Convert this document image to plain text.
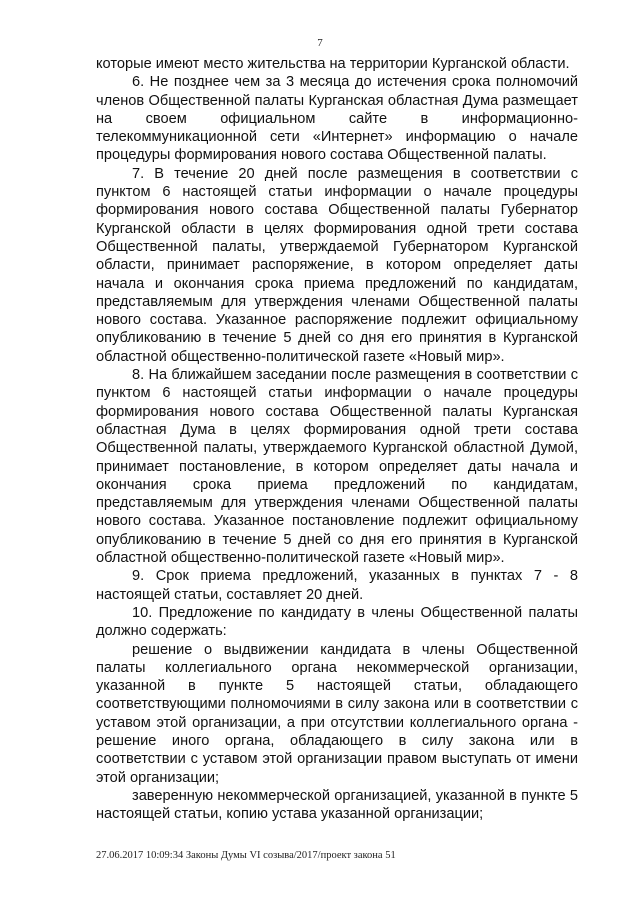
7

которые имеют место жительства на территории Курганской области.

6. Не позднее чем за 3 месяца до истечения срока полномочий членов Общественной палаты Курганская областная Дума размещает на своем официальном сайте в информационно-телекоммуникационной сети «Интернет» информацию о начале процедуры формирования нового состава Общественной палаты.

7. В течение 20 дней после размещения в соответствии с пунктом 6 настоящей статьи информации о начале процедуры формирования нового состава Общественной палаты Губернатор Курганской области в целях формирования одной трети состава Общественной палаты, утверждаемой Губернатором Курганской области, принимает распоряжение, в котором определяет даты начала и окончания срока приема предложений по кандидатам, представляемым для утверждения членами Общественной палаты нового состава. Указанное распоряжение подлежит официальному опубликованию в течение 5 дней со дня его принятия в Курганской областной общественно-политической газете «Новый мир».

8. На ближайшем заседании после размещения в соответствии с пунктом 6 настоящей статьи информации о начале процедуры формирования нового состава Общественной палаты Курганская областная Дума в целях формирования одной трети состава Общественной палаты, утверждаемого Курганской областной Думой, принимает постановление, в котором определяет даты начала и окончания срока приема предложений по кандидатам, представляемым для утверждения членами Общественной палаты нового состава. Указанное постановление подлежит официальному опубликованию в течение 5 дней со дня его принятия в Курганской областной общественно-политической газете «Новый мир».

9. Срок приема предложений, указанных в пунктах 7 - 8 настоящей статьи, составляет 20 дней.

10. Предложение по кандидату в члены Общественной палаты должно содержать:

решение о выдвижении кандидата в члены Общественной палаты коллегиального органа некоммерческой организации, указанной в пункте 5 настоящей статьи, обладающего соответствующими полномочиями в силу закона или в соответствии с уставом этой организации, а при отсутствии коллегиального органа - решение иного органа, обладающего в силу закона или в соответствии с уставом этой организации правом выступать от имени этой организации;

заверенную некоммерческой организацией, указанной в пункте 5 настоящей статьи, копию устава указанной организации;

27.06.2017 10:09:34 Законы Думы VI созыва/2017/проект закона 51
